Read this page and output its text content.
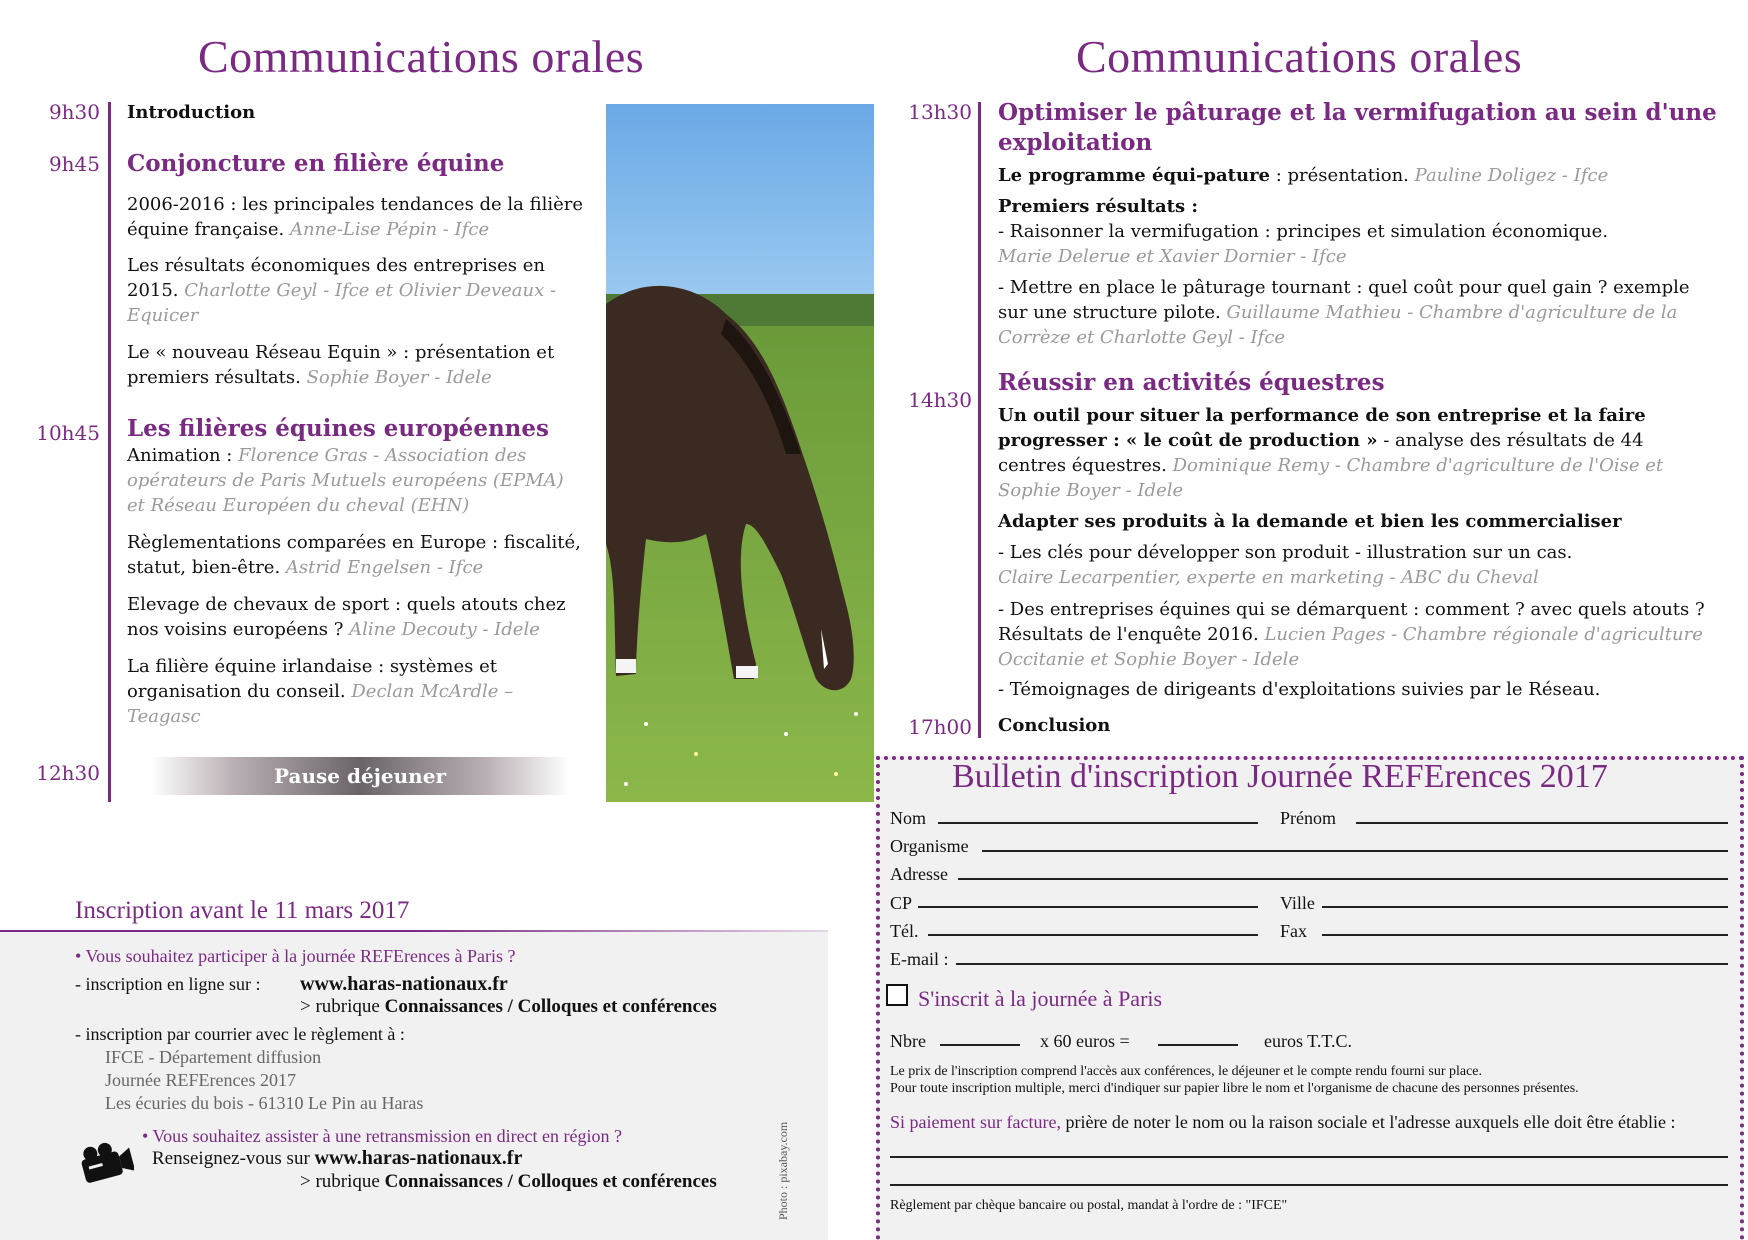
Communications orales
9h30 Introduction
9h45 Conjoncture en filière équine
2006-2016 : les principales tendances de la filière équine française. Anne-Lise Pépin - Ifce
Les résultats économiques des entreprises en 2015. Charlotte Geyl - Ifce et Olivier Deveaux - Equicer
Le « nouveau Réseau Equin » : présentation et premiers résultats. Sophie Boyer - Idele
10h45 Les filières équines européennes
Animation : Florence Gras - Association des opérateurs de Paris Mutuels européens (EPMA) et Réseau Européen du cheval (EHN)
Règlementations comparées en Europe : fiscalité, statut, bien-être. Astrid Engelsen - Ifce
Elevage de chevaux de sport : quels atouts chez nos voisins européens ? Aline Decouty - Idele
La filière équine irlandaise : systèmes et organisation du conseil. Declan McArdle – Teagasc
12h30	Pause déjeuner
Communications orales
13h30 Optimiser le pâturage et la vermifugation au sein d'une exploitation
Le programme équi-pature : présentation. Pauline Doligez - Ifce
Premiers résultats :
- Raisonner la vermifugation : principes et simulation économique.
Marie Delerue et Xavier Dornier - Ifce
- Mettre en place le pâturage tournant : quel coût pour quel gain ? exemple sur une structure pilote. Guillaume Mathieu - Chambre d'agriculture de la Corrèze et Charlotte Geyl - Ifce
14h30
Réussir en activités équestres
Un outil pour situer la performance de son entreprise et la faire progresser : « le coût de production » - analyse des résultats de 44 centres équestres. Dominique Remy - Chambre d'agriculture de l'Oise et Sophie Boyer - Idele
Adapter ses produits à la demande et bien les commercialiser
- Les clés pour développer son produit - illustration sur un cas.
Claire Lecarpentier, experte en marketing - ABC du Cheval
- Des entreprises équines qui se démarquent : comment ? avec quels atouts ? Résultats de l'enquête 2016. Lucien Pages - Chambre régionale d'agriculture Occitanie et Sophie Boyer - Idele
- Témoignages de dirigeants d'exploitations suivies par le Réseau.
17h00 Conclusion
Inscription avant le 11 mars 2017
• Vous souhaitez participer à la journée REFErences à Paris ?
- inscription en ligne sur : www.haras-nationaux.fr
> rubrique Connaissances / Colloques et conférences
- inscription par courrier avec le règlement à :
IFCE - Département diffusion
Journée REFErences 2017
Les écuries du bois - 61310 Le Pin au Haras
• Vous souhaitez assister à une retransmission en direct en région ?
Renseignez-vous sur www.haras-nationaux.fr
> rubrique Connaissances / Colloques et conférences	Photo : pixabay.com
Bulletin d'inscription Journée REFErences 2017
Nom	Prénom
Organisme
Adresse
CP	Ville
Tél.	Fax
E-mail :
S'inscrit à la journée à Paris
Nbre	x 60 euros =	euros T.T.C.
Le prix de l'inscription comprend l'accès aux conférences, le déjeuner et le compte rendu fourni sur place.
Pour toute inscription multiple, merci d'indiquer sur papier libre le nom et l'organisme de chacune des personnes présentes.
Si paiement sur facture, prière de noter le nom ou la raison sociale et l'adresse auxquels elle doit être établie :
Règlement par chèque bancaire ou postal, mandat à l'ordre de : "IFCE"
